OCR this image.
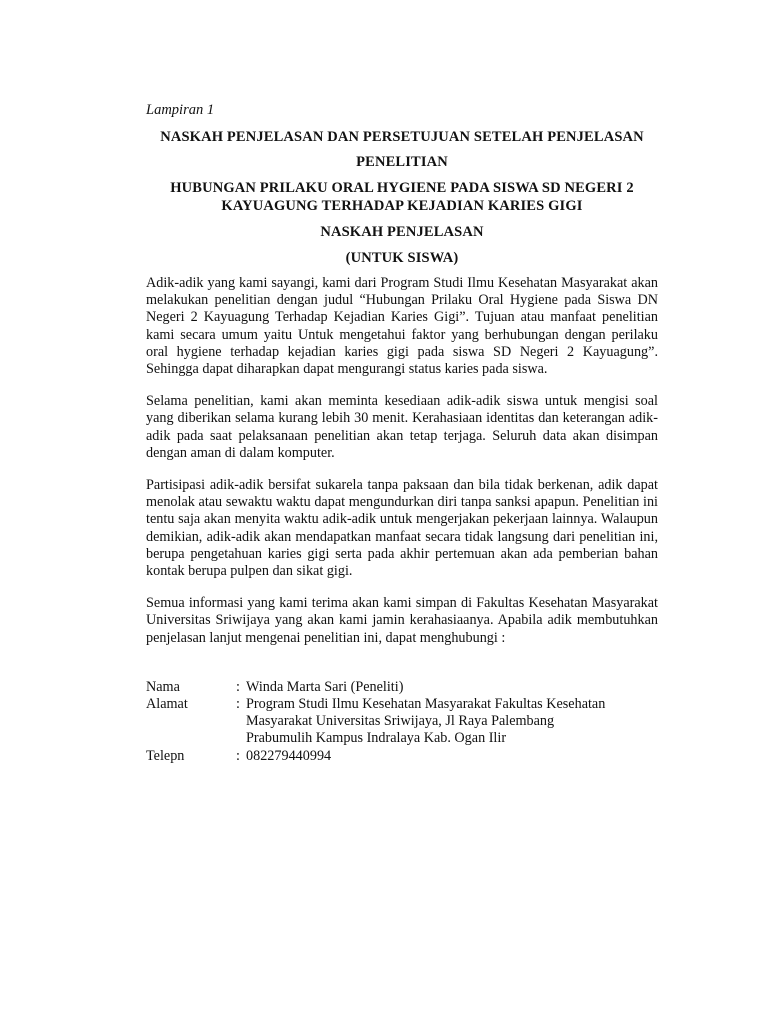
Lampiran 1

NASKAH PENJELASAN DAN PERSETUJUAN SETELAH PENJELASAN

PENELITIAN

HUBUNGAN PRILAKU ORAL HYGIENE PADA SISWA SD NEGERI 2 KAYUAGUNG TERHADAP KEJADIAN KARIES GIGI

NASKAH PENJELASAN

(UNTUK SISWA)

Adik-adik yang kami sayangi, kami dari Program Studi Ilmu Kesehatan Masyarakat akan melakukan penelitian dengan judul “Hubungan Prilaku Oral Hygiene pada Siswa DN Negeri 2 Kayuagung Terhadap Kejadian Karies Gigi”. Tujuan atau manfaat penelitian kami secara umum yaitu Untuk mengetahui faktor yang berhubungan dengan perilaku oral hygiene terhadap kejadian karies gigi pada siswa SD Negeri 2 Kayuagung”. Sehingga dapat diharapkan dapat mengurangi status karies pada siswa.

Selama penelitian, kami akan meminta kesediaan adik-adik siswa untuk mengisi soal yang diberikan selama kurang lebih 30 menit. Kerahasiaan identitas dan keterangan adik-adik pada saat pelaksanaan penelitian akan tetap terjaga. Seluruh data akan disimpan dengan aman di dalam komputer.

Partisipasi adik-adik bersifat sukarela tanpa paksaan dan bila tidak berkenan, adik dapat menolak atau sewaktu waktu dapat mengundurkan diri tanpa sanksi apapun. Penelitian ini tentu saja akan menyita waktu adik-adik untuk mengerjakan pekerjaan lainnya. Walaupun demikian, adik-adik akan mendapatkan manfaat secara tidak langsung dari penelitian ini, berupa pengetahuan karies gigi serta pada akhir pertemuan akan ada pemberian bahan kontak berupa pulpen dan sikat gigi.

Semua informasi yang kami terima akan kami simpan di Fakultas Kesehatan Masyarakat Universitas Sriwijaya yang akan kami jamin kerahasiaanya. Apabila adik membutuhkan penjelasan lanjut mengenai penelitian ini, dapat menghubungi :

Nama	: Winda Marta Sari (Peneliti)
Alamat	: Program Studi Ilmu Kesehatan Masyarakat Fakultas Kesehatan
Masyarakat Universitas Sriwijaya, Jl Raya Palembang
Prabumulih Kampus Indralaya Kab. Ogan Ilir
Telepn	: 082279440994
